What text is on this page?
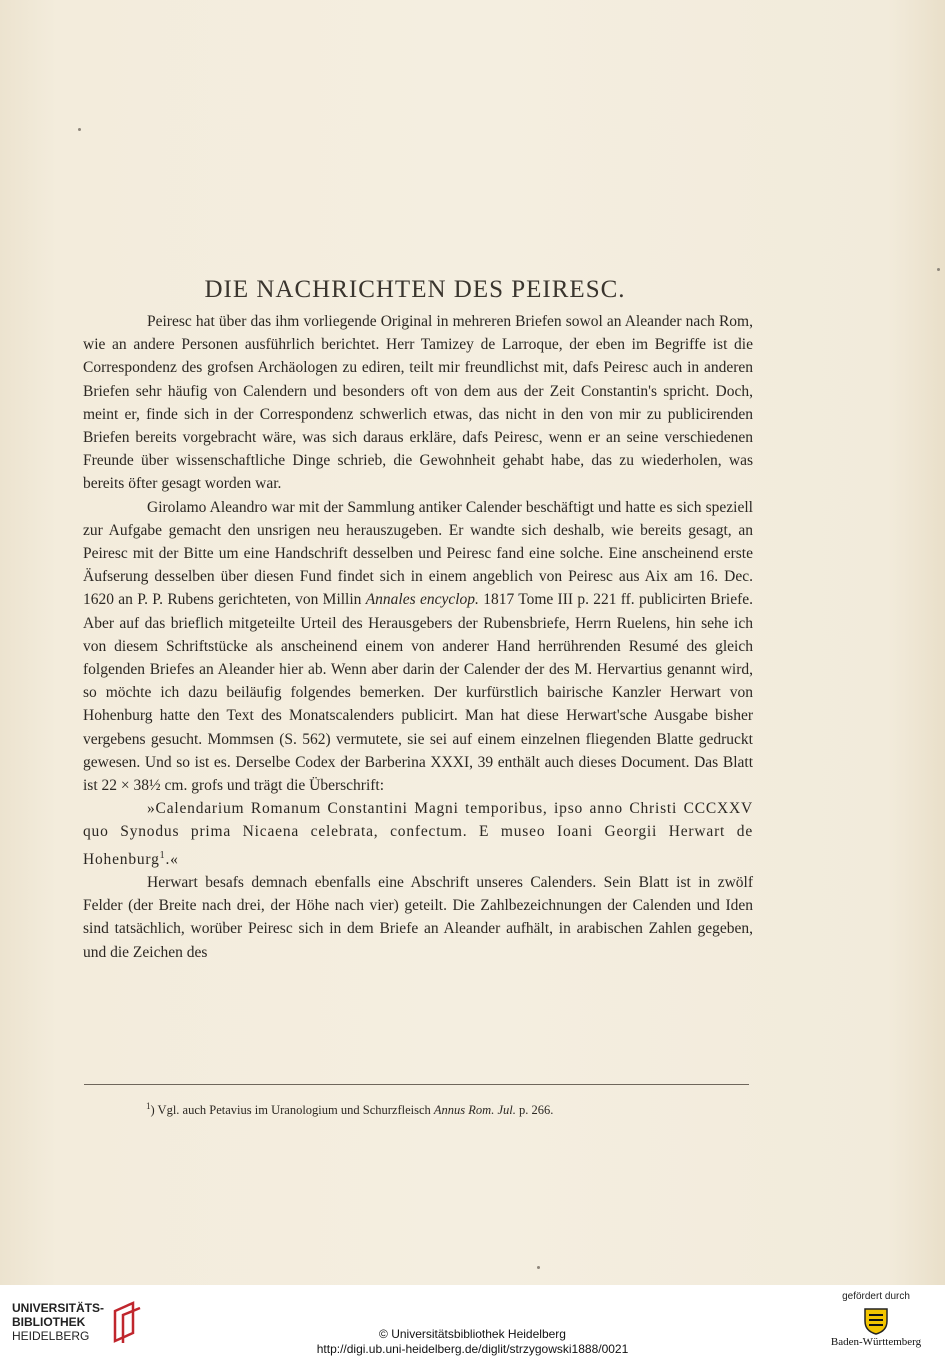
DIE NACHRICHTEN DES PEIRESC.

Peiresc hat über das ihm vorliegende Original in mehreren Briefen sowol an Aleander nach Rom, wie an andere Personen ausführlich berichtet. Herr Tamizey de Larroque, der eben im Begriffe ist die Correspondenz des grofsen Archäologen zu ediren, teilt mir freundlichst mit, dafs Peiresc auch in anderen Briefen sehr häufig von Calendern und besonders oft von dem aus der Zeit Constantin's spricht. Doch, meint er, finde sich in der Correspondenz schwerlich etwas, das nicht in den von mir zu publicirenden Briefen bereits vorgebracht wäre, was sich daraus erkläre, dafs Peiresc, wenn er an seine verschiedenen Freunde über wissenschaftliche Dinge schrieb, die Gewohnheit gehabt habe, das zu wiederholen, was bereits öfter gesagt worden war.

Girolamo Aleandro war mit der Sammlung antiker Calender beschäftigt und hatte es sich speziell zur Aufgabe gemacht den unsrigen neu herauszugeben. Er wandte sich deshalb, wie bereits gesagt, an Peiresc mit der Bitte um eine Handschrift desselben und Peiresc fand eine solche. Eine anscheinend erste Äufserung desselben über diesen Fund findet sich in einem angeblich von Peiresc aus Aix am 16. Dec. 1620 an P. P. Rubens gerichteten, von Millin Annales encyclop. 1817 Tome III p. 221 ff. publicirten Briefe. Aber auf das brieflich mitgeteilte Urteil des Herausgebers der Rubensbriefe, Herrn Ruelens, hin sehe ich von diesem Schriftstücke als anscheinend einem von anderer Hand herrührenden Resumé des gleich folgenden Briefes an Aleander hier ab. Wenn aber darin der Calender der des M. Hervartius genannt wird, so möchte ich dazu beiläufig folgendes bemerken. Der kurfürstlich bairische Kanzler Herwart von Hohenburg hatte den Text des Monatscalenders publicirt. Man hat diese Herwart'sche Ausgabe bisher vergebens gesucht. Mommsen (S. 562) vermutete, sie sei auf einem einzelnen fliegenden Blatte gedruckt gewesen. Und so ist es. Derselbe Codex der Barberina XXXI, 39 enthält auch dieses Document. Das Blatt ist 22 × 38½ cm. grofs und trägt die Überschrift:

»Calendarium Romanum Constantini Magni temporibus, ipso anno Christi CCCXXV quo Synodus prima Nicaena celebrata, confectum. E museo Ioani Georgii Herwart de Hohenburg$^1$.«

Herwart besafs demnach ebenfalls eine Abschrift unseres Calenders. Sein Blatt ist in zwölf Felder (der Breite nach drei, der Höhe nach vier) geteilt. Die Zahlbezeichnungen der Calenden und Iden sind tatsächlich, worüber Peiresc sich in dem Briefe an Aleander aufhält, in arabischen Zahlen gegeben, und die Zeichen des

$^1$) Vgl. auch Petavius im Uranologium und Schurzfleisch Annus Rom. Jul. p. 266.

UNIVERSITÄTS-
BIBLIOTHEK
HEIDELBERG	© Universitätsbibliothek Heidelberg
http://digi.ub.uni-heidelberg.de/diglit/strzygowski1888/0021
gefördert durch
Baden-Württemberg
